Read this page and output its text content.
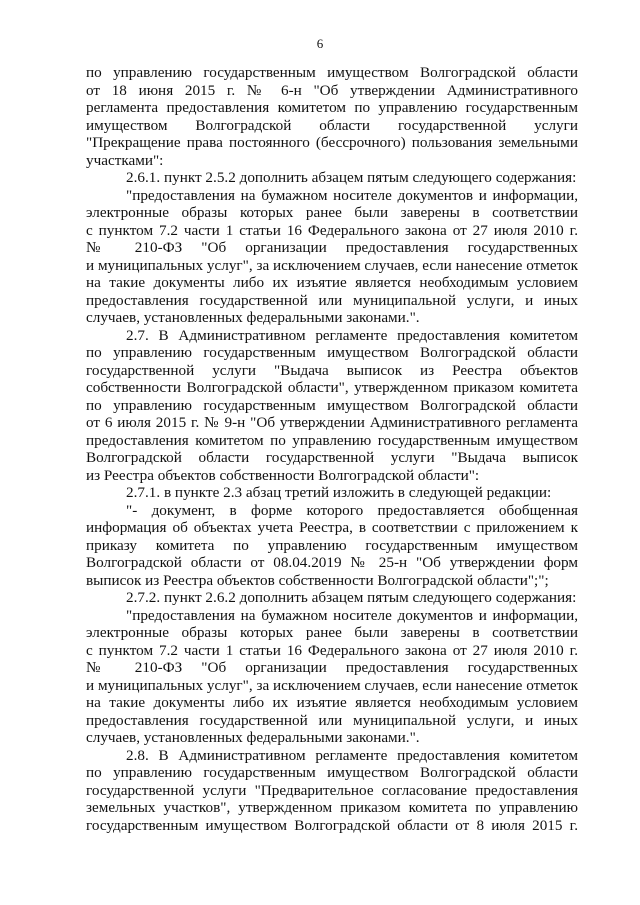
6
по управлению государственным имуществом Волгоградской области
от 18 июня 2015 г. № 6-н "Об утверждении Административного
регламента предоставления комитетом по управлению государственным
имуществом Волгоградской области государственной услуги
"Прекращение права постоянного (бессрочного) пользования земельными
участками":
2.6.1. пункт 2.5.2 дополнить абзацем пятым следующего содержания:
"предоставления на бумажном носителе документов и информации,
электронные образы которых ранее были заверены в соответствии
с пунктом 7.2 части 1 статьи 16 Федерального закона от 27 июля 2010 г.
№ 210-ФЗ "Об организации предоставления государственных
и муниципальных услуг", за исключением случаев, если нанесение отметок
на такие документы либо их изъятие является необходимым условием
предоставления государственной или муниципальной услуги, и иных
случаев, установленных федеральными законами.".
2.7. В Административном регламенте предоставления комитетом
по управлению государственным имуществом Волгоградской области
государственной услуги "Выдача выписок из Реестра объектов
собственности Волгоградской области", утвержденном приказом комитета
по управлению государственным имуществом Волгоградской области
от 6 июля 2015 г. № 9-н "Об утверждении Административного регламента
предоставления комитетом по управлению государственным имуществом
Волгоградской области государственной услуги "Выдача выписок
из Реестра объектов собственности Волгоградской области":
2.7.1. в пункте 2.3 абзац третий изложить в следующей редакции:
"- документ, в форме которого предоставляется обобщенная
информация об объектах учета Реестра, в соответствии с приложением к
приказу комитета по управлению государственным имуществом
Волгоградской области от 08.04.2019 № 25-н "Об утверждении форм
выписок из Реестра объектов собственности Волгоградской области";";
2.7.2. пункт 2.6.2 дополнить абзацем пятым следующего содержания:
"предоставления на бумажном носителе документов и информации,
электронные образы которых ранее были заверены в соответствии
с пунктом 7.2 части 1 статьи 16 Федерального закона от 27 июля 2010 г.
№ 210-ФЗ "Об организации предоставления государственных
и муниципальных услуг", за исключением случаев, если нанесение отметок
на такие документы либо их изъятие является необходимым условием
предоставления государственной или муниципальной услуги, и иных
случаев, установленных федеральными законами.".
2.8. В Административном регламенте предоставления комитетом
по управлению государственным имуществом Волгоградской области
государственной услуги "Предварительное согласование предоставления
земельных участков", утвержденном приказом комитета по управлению
государственным имуществом Волгоградской области от 8 июля 2015 г.
